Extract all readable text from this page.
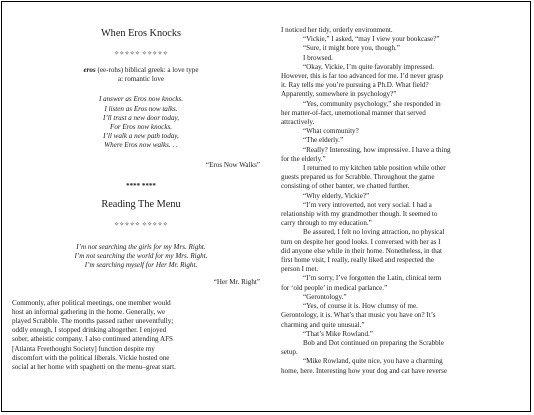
When Eros Knocks
✧✧✧✧✧ ✧✧✧✧✧
eros (ee-rohs) biblical greek: a love type
a: romantic love
I answer as Eros now knocks.
I listen as Eros now talks.
I’ll trust a new door today,
For Eros now knocks.
I’ll walk a new path today,
Where Eros now walks. . .
“Eros Now Walks”
**** ****
Reading The Menu
✧✧✧✧✧ ✧✧✧✧✧
I’m not searching the girls for my Mrs. Right.
I’m not searching the world for my Mrs. Right.
I’m searching myself for Her Mr. Right.
“Her Mr. Right”
Commonly, after political meetings, one member would
host an informal gathering in the home. Generally, we
played Scrabble. The months passed rather uneventfully;
oddly enough, I stopped drinking altogether. I enjoyed
sober, atheistic company. I also continued attending AFS
[Atlanta Freethought Society] function despite my
discomfort with the political liberals. Vickie hosted one
social at her home with spaghetti on the menu–great start.
I noticed her tidy, orderly environment.
“Vickie,” I asked, “may I view your bookcase?”
“Sure, it might bore you, though.”
I browsed.
“Okay, Vickie, I’m quite favorably impressed.
However, this is far too advanced for me. I’d never grasp
it. Ray tells me you’re pursuing a Ph.D. What field?
Apparently, somewhere in psychology?”
“Yes, community psychology,” she responded in
her matter-of-fact, unemotional manner that served
attractively.
“What community?
“The elderly.”
“Really? Interesting, how impressive. I have a thing
for the elderly.”
I returned to my kitchen table position while other
guests prepared us for Scrabble. Throughout the game
consisting of other banter, we chatted further.
“Why elderly, Vickie?”
“I’m very introverted, not very social. I had a
relationship with my grandmother though. It seemed to
carry through to my education.”
Be assured, I felt no loving attraction, no physical
turn on despite her good looks. I conversed with her as I
did anyone else while in their home. Nonetheless, in that
first home visit, I really, really liked and respected the
person I met.
“I’m sorry, I’ve forgotten the Latin, clinical term
for ‘old people’ in medical parlance.”
“Gerontology.”
“Yes, of course it is. How clumsy of me.
Gerontology, it is. What’s that music you have on? It’s
charming and quite unusual.”
“That’s Mike Rowland.”
Bob and Dot continued on preparing the Scrabble
setup.
“Mike Rowland, quite nice, you have a charming
home, here. Interesting how your dog and cat have reverse
